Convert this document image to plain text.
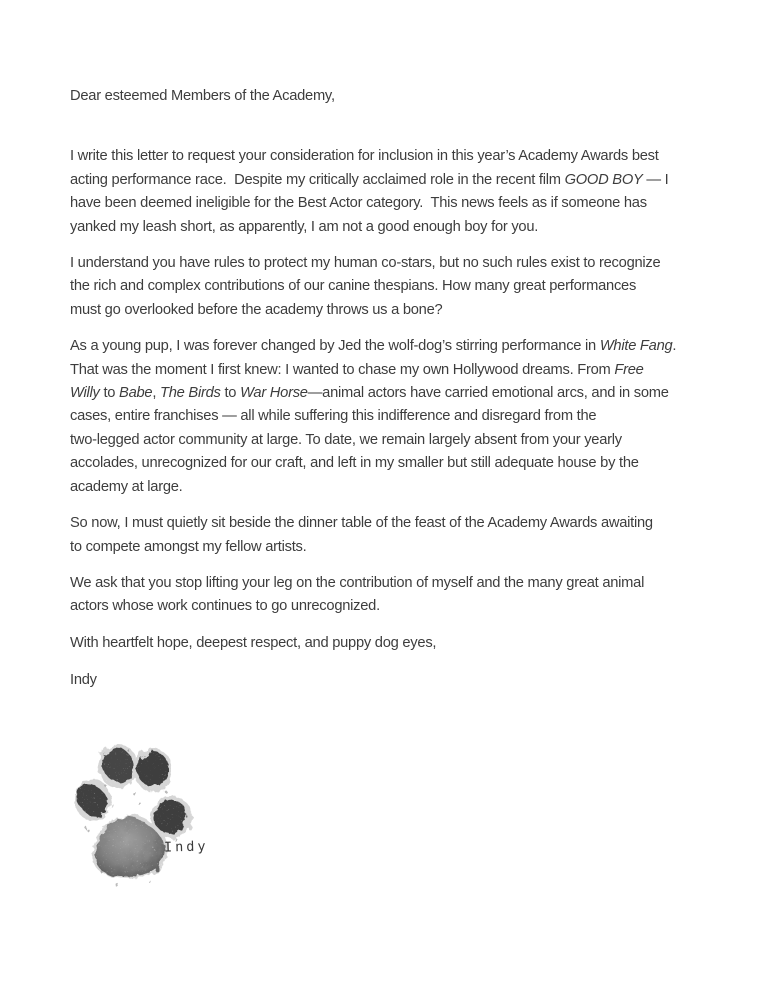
Dear esteemed Members of the Academy,

I write this letter to request your consideration for inclusion in this year’s Academy Awards best
acting performance race.  Despite my critically acclaimed role in the recent film GOOD BOY — I
have been deemed ineligible for the Best Actor category.  This news feels as if someone has
yanked my leash short, as apparently, I am not a good enough boy for you.

I understand you have rules to protect my human co-stars, but no such rules exist to recognize
the rich and complex contributions of our canine thespians. How many great performances
must go overlooked before the academy throws us a bone?

As a young pup, I was forever changed by Jed the wolf-dog’s stirring performance in White Fang.
That was the moment I first knew: I wanted to chase my own Hollywood dreams. From Free
Willy to Babe, The Birds to War Horse—animal actors have carried emotional arcs, and in some
cases, entire franchises — all while suffering this indifference and disregard from the
two-legged actor community at large. To date, we remain largely absent from your yearly
accolades, unrecognized for our craft, and left in my smaller but still adequate house by the
academy at large.

So now, I must quietly sit beside the dinner table of the feast of the Academy Awards awaiting
to compete amongst my fellow artists.

We ask that you stop lifting your leg on the contribution of myself and the many great animal
actors whose work continues to go unrecognized.

With heartfelt hope, deepest respect, and puppy dog eyes,

Indy

Indy
